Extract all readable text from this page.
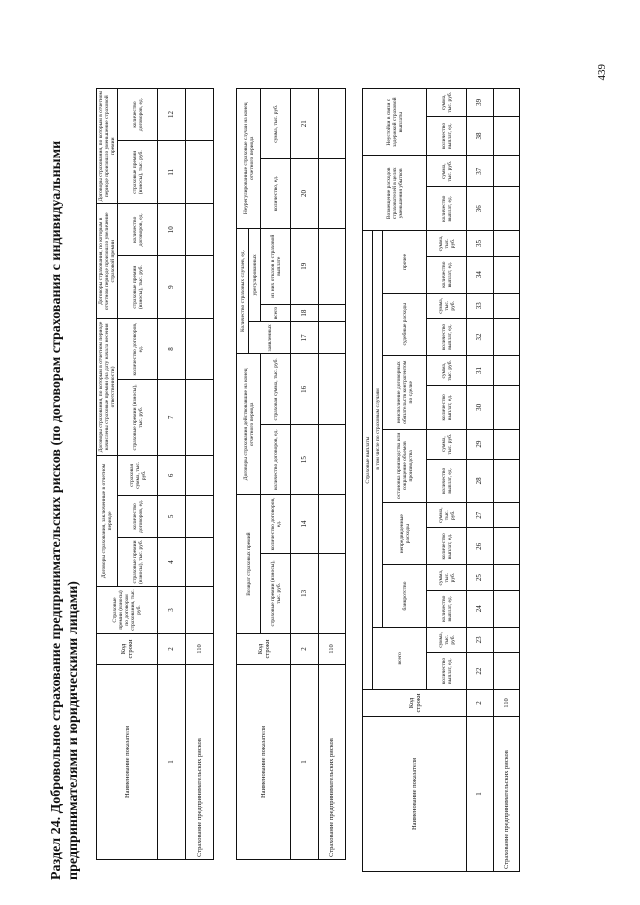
439
Раздел 24. Добровольное страхование предпринимательских рисков (по договорам страхования с индивидуальными предпринимателями и юридическими лицами)	Наименование показателя	Код строки	Страховые премии (взносы) по договорам страхования, тыс. руб.	Договоры страхования, заключенные в отчетном периоде			Договоры страхования, по которым в отчетном периоде начислены страховые премии (на дату начала несения ответственности)		Договоры страхования, по которым в отчетном периоде произошло увеличение страховой премии		Договоры страхования, по которым в отчетном периоде произошло уменьшение страховой премии	
			страховые премии (взносы), тыс. руб.	количество договоров, ед.	страховая сумма, тыс. руб.	страховые премии (взносы), тыс. руб.	количество договоров, ед.	страховые премии (взносы), тыс. руб.	количество договоров, ед.	страховые премии (взносы), тыс. руб.	количество договоров, ед.
1	2	3	4	5	6	7	8	9	10	11	12
Страхование предпринимательских рисков	110										
Наименование показателя	Код строки	Возврат страховых премий		Договоры страхования действовавшие на конец отчетного периода		Количество страховых случаев, ед.			Неурегулированные страховые случаи на конец отчетного периода	
						заявленных	урегулированных			
		страховые премии (взносы), тыс. руб.	количество договоров, ед.	количество договоров, ед.	страховая сумма, тыс. руб.		всего	из них отказов в страховой выплате	количество, ед.	сумма, тыс. руб.
1	2	13	14	15	16	17	18	19	20	21
Страхование предпринимательских рисков	110									
Наименование показателя	Код строки	Страховые выплаты														Возмещение расходов страхователей в целях уменьшения убытков		Неустойки в связи с задержкой страховой выплаты	
		всего		в том числе по страховым случаям															
				банкротство		непредвиденные расходы		остановка производства или сокращение объемов производства		неисполнение договорных обязательств контрагентом по сделке		судебные расходы		прочее					
		количество выплат, ед.	сумма, тыс. руб.	количество выплат, ед.	сумма, тыс. руб.	количество выплат, ед.	сумма, тыс. руб.	количество выплат, ед.	сумма, тыс. руб.	количество выплат, ед.	сумма, тыс. руб.	количество выплат, ед.	сумма, тыс. руб.	количество выплат, ед.	сумма, тыс. руб.	количество выплат, ед.	сумма, тыс. руб.	количество выплат, ед.	сумма, тыс. руб.
1	2	22	23	24	25	26	27	28	29	30	31	32	33	34	35	36	37	38	39
Страхование предпринимательских рисков	110																		
